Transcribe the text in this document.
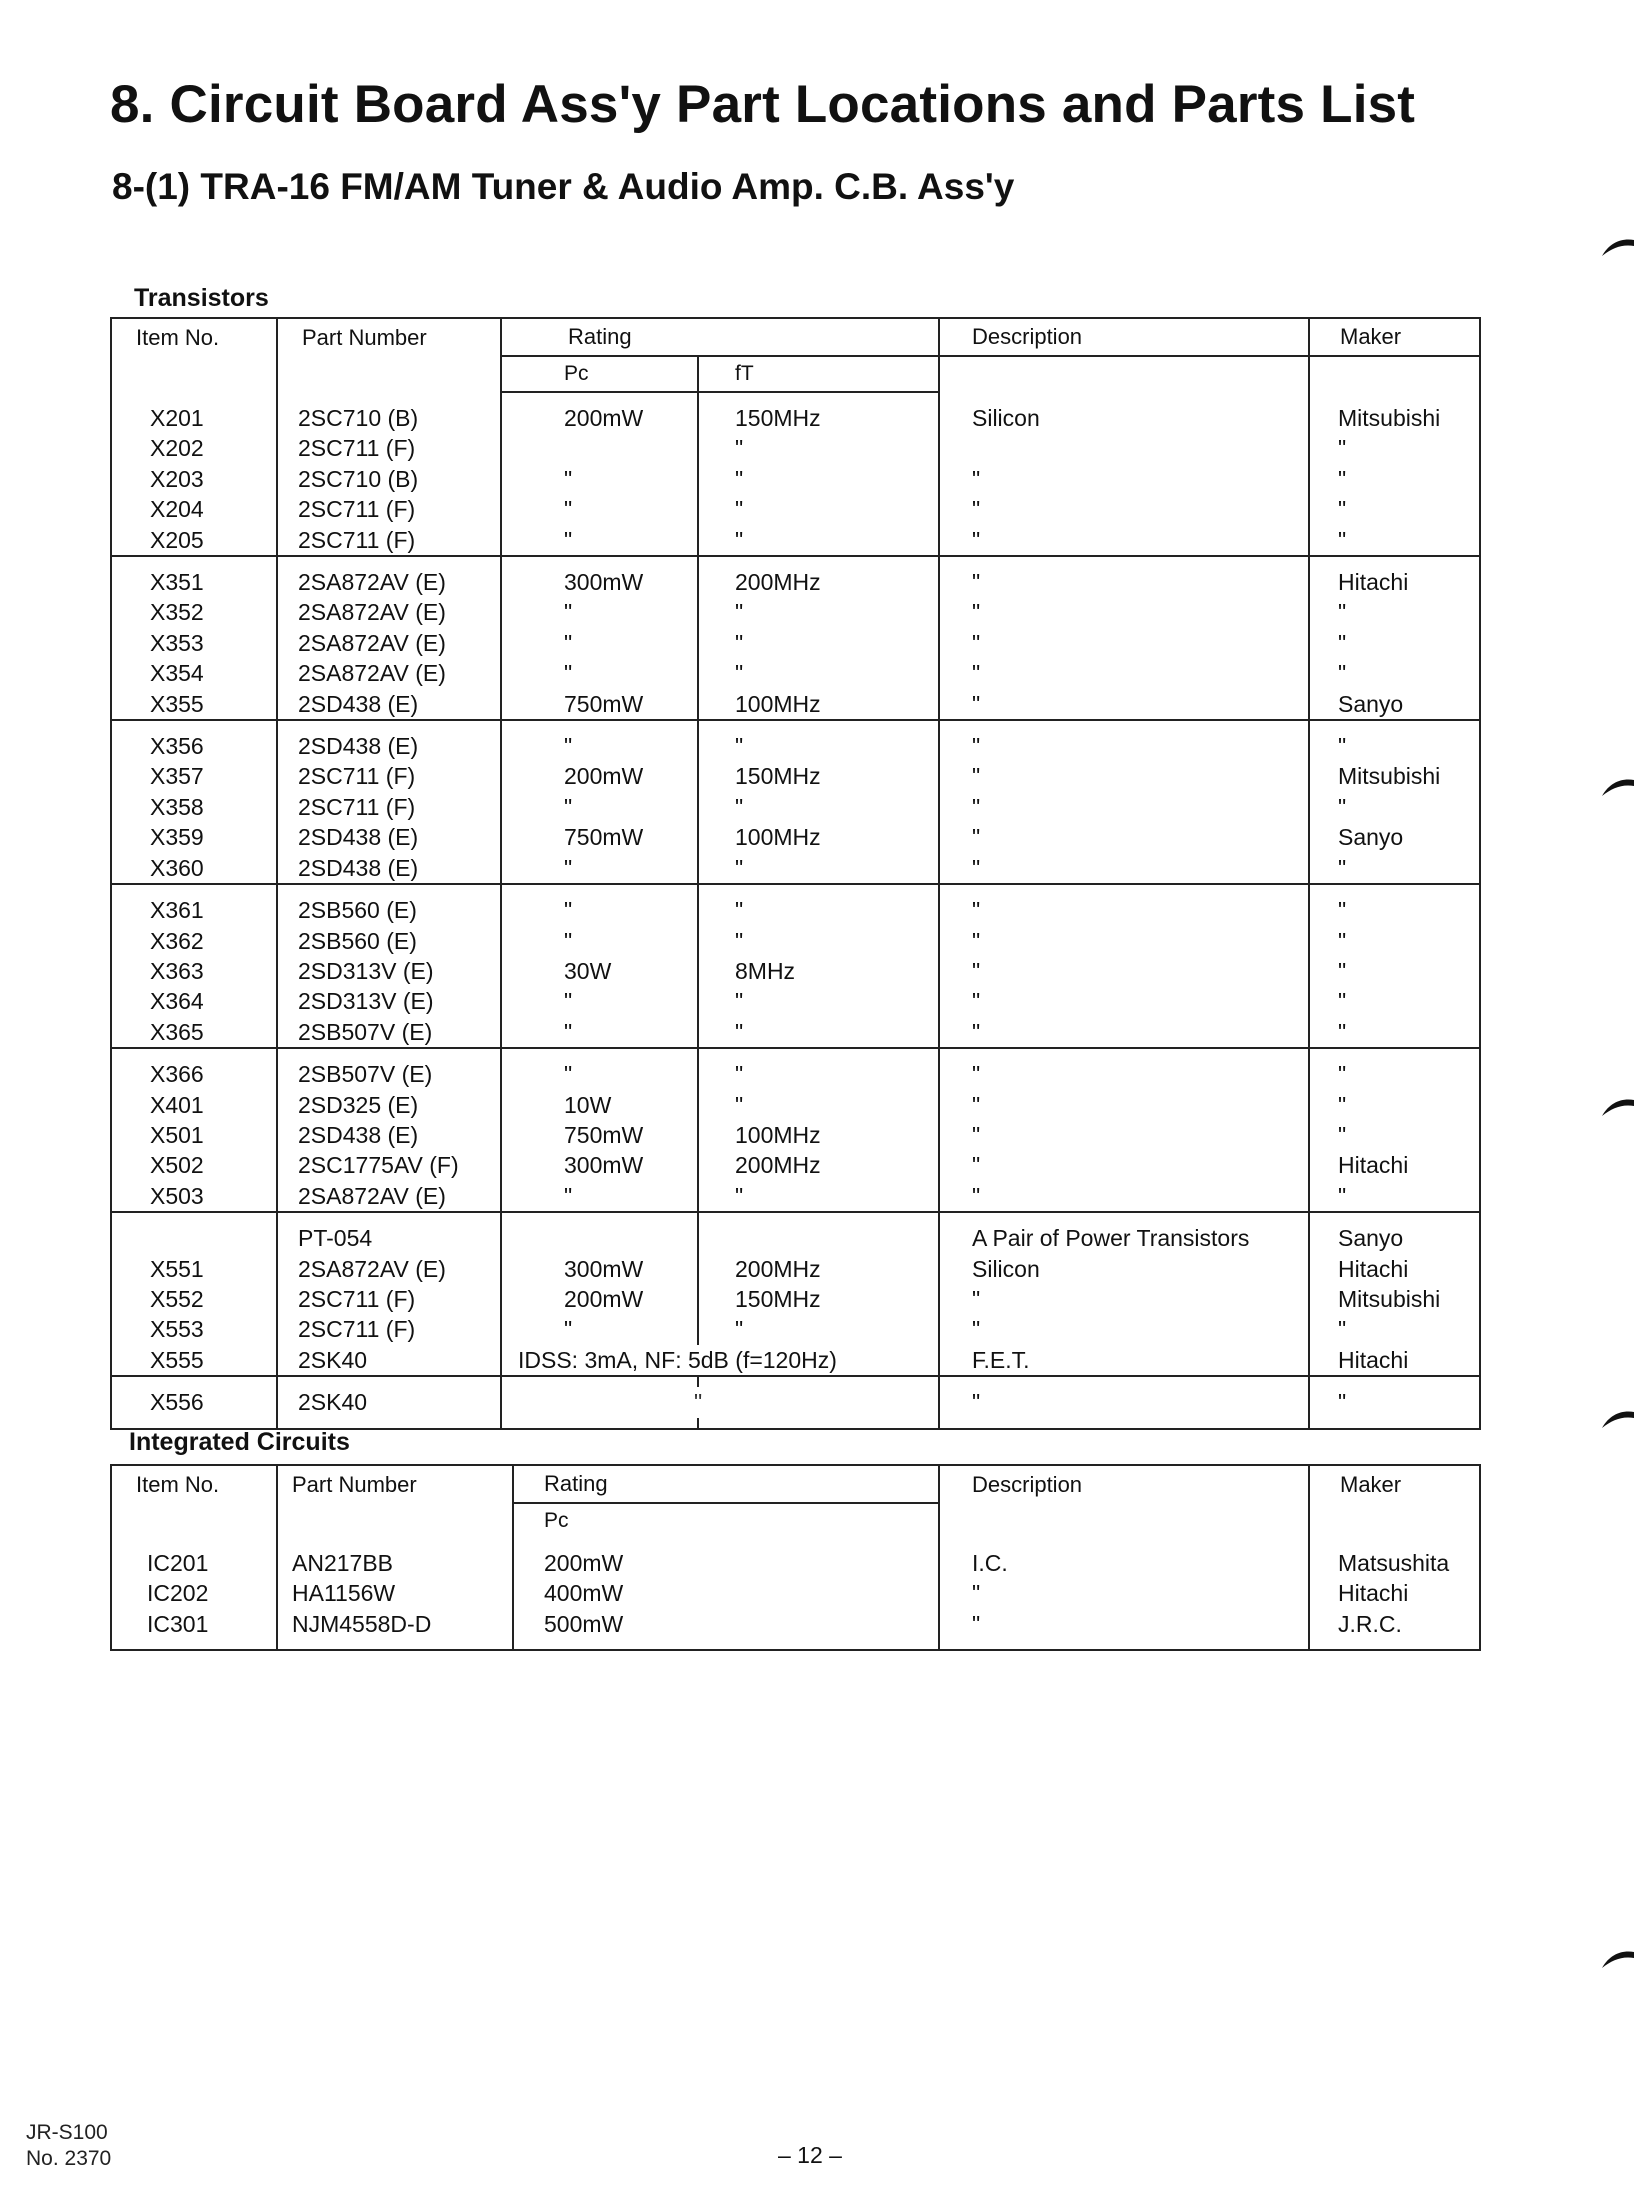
8. Circuit Board Ass'y Part Locations and Parts List
8-(1) TRA-16 FM/AM Tuner & Audio Amp. C.B. Ass'y
Transistors
Item No.	Part Number	Rating		Description	Maker
		Pc	fT		

X201	2SC710 (B)	200mW	150MHz	Silicon	Mitsubishi
X202	2SC711 (F)		"		"
X203	2SC710 (B)	"	"	"	"
X204	2SC711 (F)	"	"	"	"
X205	2SC711 (F)	"	"	"	"

X351	2SA872AV (E)	300mW	200MHz	"	Hitachi
X352	2SA872AV (E)	"	"	"	"
X353	2SA872AV (E)	"	"	"	"
X354	2SA872AV (E)	"	"	"	"
X355	2SD438 (E)	750mW	100MHz	"	Sanyo

X356	2SD438 (E)	"	"	"	"
X357	2SC711 (F)	200mW	150MHz	"	Mitsubishi
X358	2SC711 (F)	"	"	"	"
X359	2SD438 (E)	750mW	100MHz	"	Sanyo
X360	2SD438 (E)	"	"	"	"

X361	2SB560 (E)	"	"	"	"
X362	2SB560 (E)	"	"	"	"
X363	2SD313V (E)	30W	8MHz	"	"
X364	2SD313V (E)	"	"	"	"
X365	2SB507V (E)	"	"	"	"

X366	2SB507V (E)	"	"	"	"
X401	2SD325 (E)	10W	"	"	"
X501	2SD438 (E)	750mW	100MHz	"	"
X502	2SC1775AV (F)	300mW	200MHz	"	Hitachi
X503	2SA872AV (E)	"	"	"	"

	PT-054			A Pair of Power Transistors	Sanyo
X551	2SA872AV (E)	300mW	200MHz	Silicon	Hitachi
X552	2SC711 (F)	200mW	150MHz	"	Mitsubishi
X553	2SC711 (F)	"	"	"	"
X555	2SK40	IDSS: 3mA, NF: 5dB (f=120Hz)		F.E.T.	Hitachi

X556	2SK40	"		"	"

Integrated Circuits
Item No.	Part Number	Rating	Description	Maker
		Pc		

IC201	AN217BB	200mW	I.C.	Matsushita
IC202	HA1156W	400mW	"	Hitachi
IC301	NJM4558D-D	500mW	"	J.R.C.

JR-S100
No. 2370	– 12 –
